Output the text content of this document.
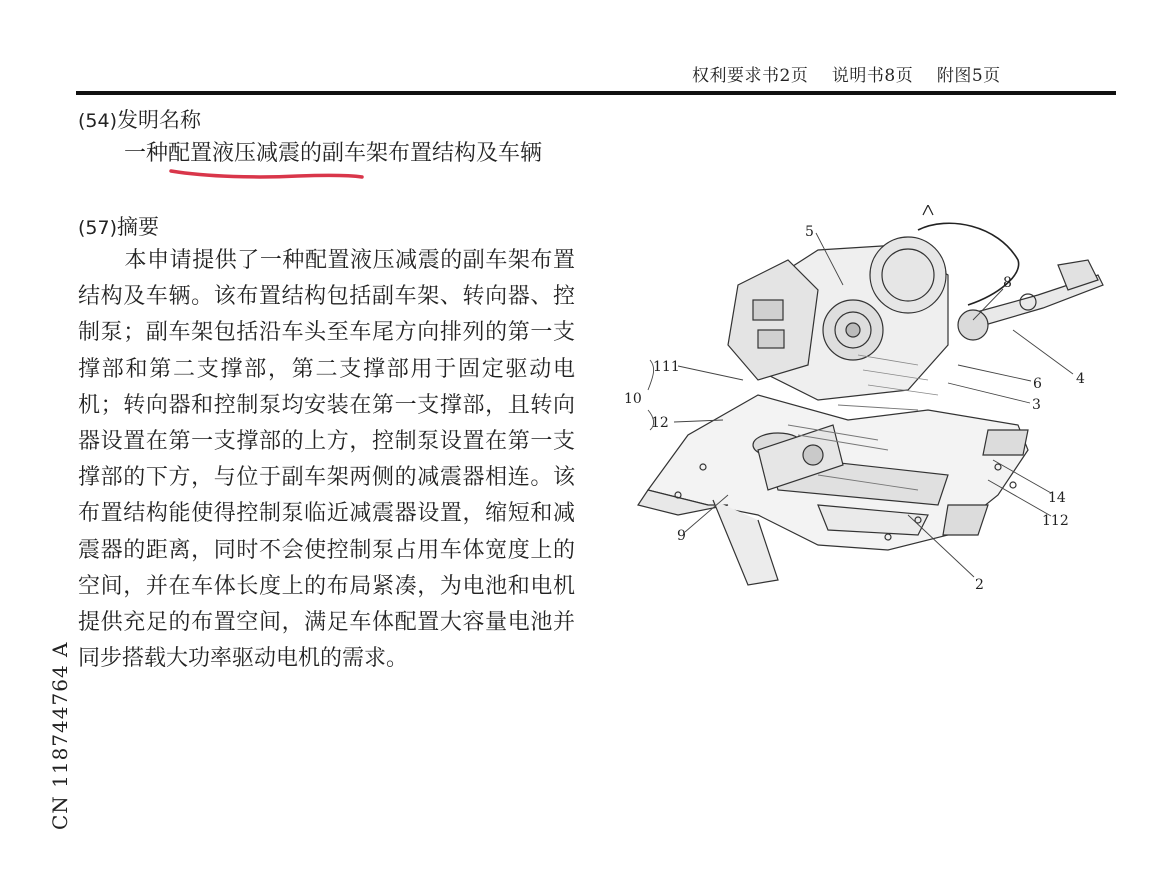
权利要求书2页    说明书8页    附图5页
(54)发明名称
一种配置液压减震的副车架布置结构及车辆
(57)摘要
本申请提供了一种配置液压减震的副车架布置结构及车辆。该布置结构包括副车架、转向器、控制泵；副车架包括沿车头至车尾方向排列的第一支撑部和第二支撑部，第二支撑部用于固定驱动电机；转向器和控制泵均安装在第一支撑部，且转向器设置在第一支撑部的上方，控制泵设置在第一支撑部的下方，与位于副车架两侧的减震器相连。该布置结构能使得控制泵临近减震器设置，缩短和减震器的距离，同时不会使控制泵占用车体宽度上的空间，并在车体长度上的布局紧凑，为电池和电机提供充足的布置空间，满足车体配置大容量电池并同步搭载大功率驱动电机的需求。
CN 118744764 A
5
8
4
6
3
111
10
12
14
112
9
2
